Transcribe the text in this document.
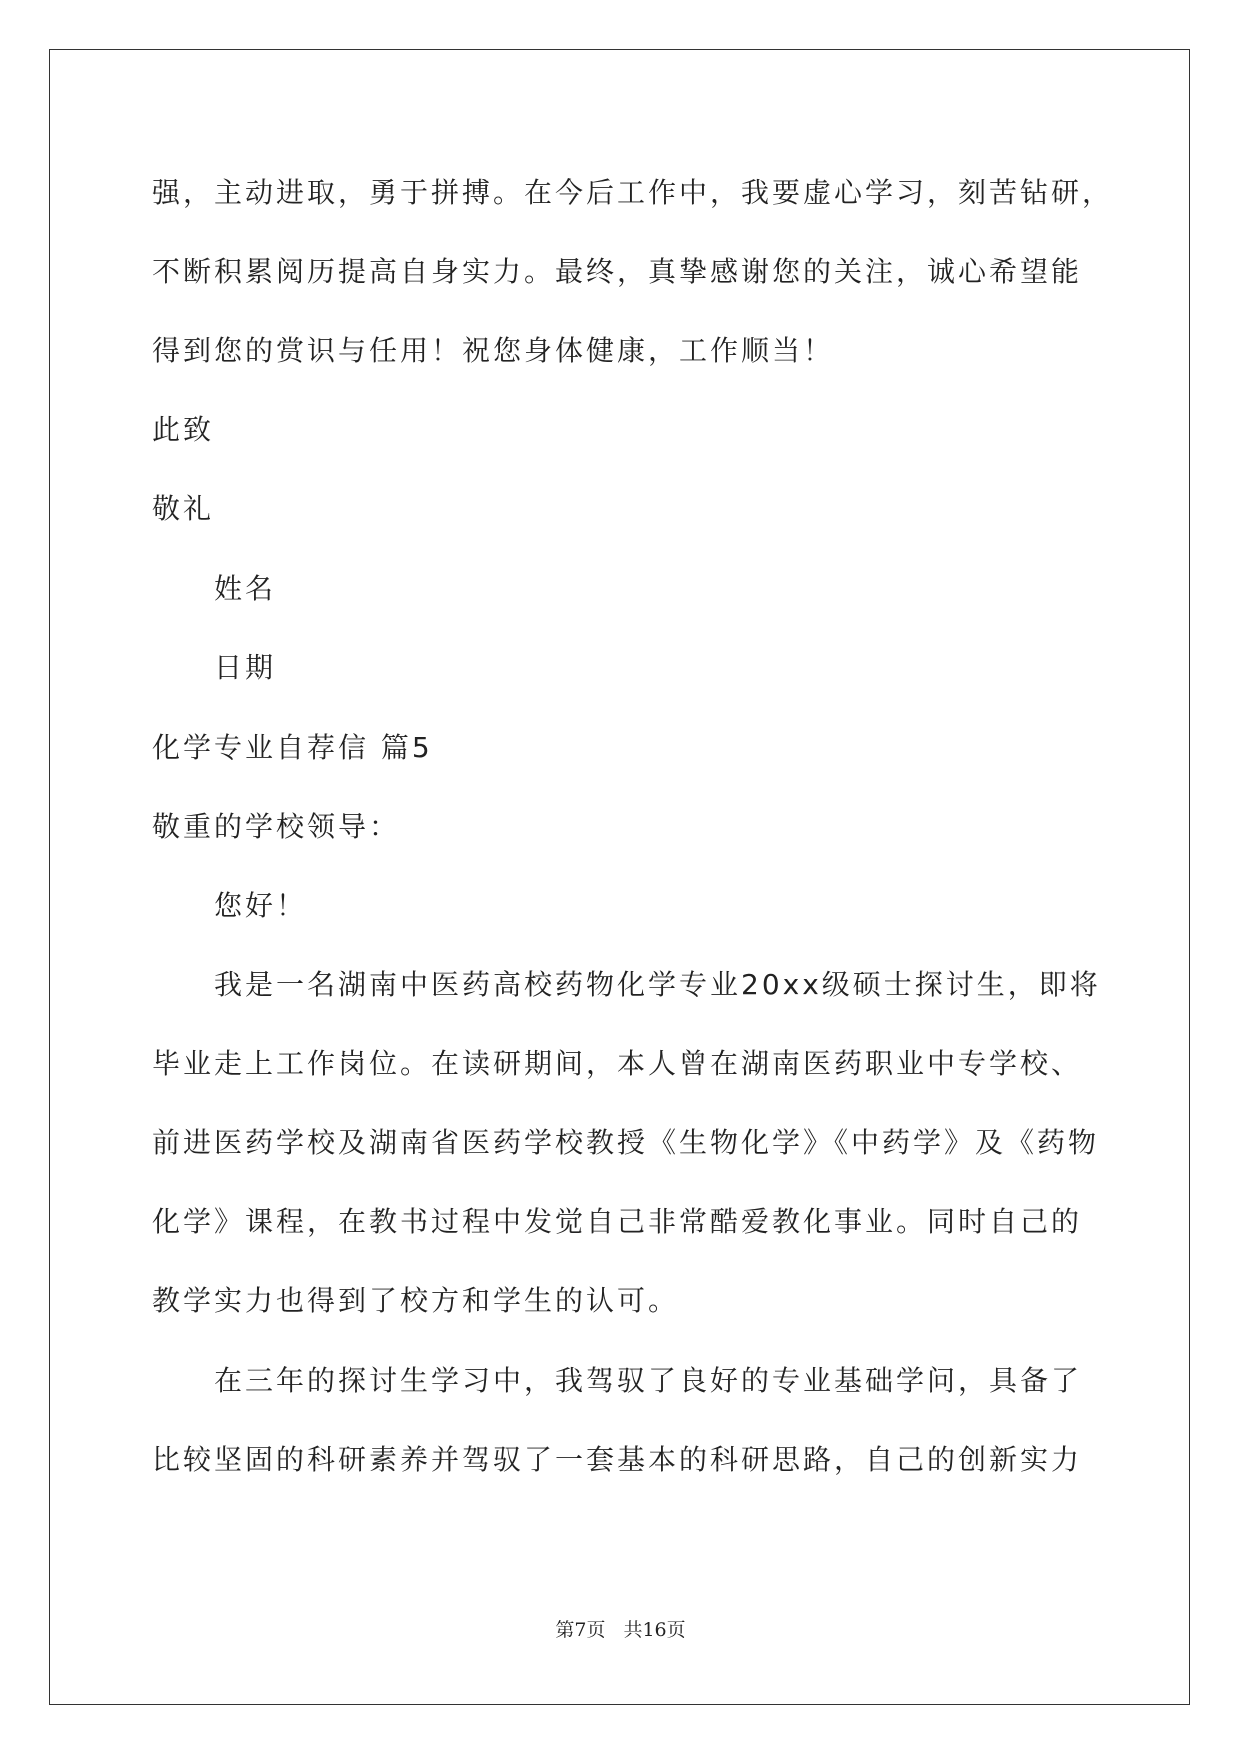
强，主动进取，勇于拼搏。在今后工作中，我要虚心学习，刻苦钻研，
不断积累阅历提高自身实力。最终，真挚感谢您的关注，诚心希望能
得到您的赏识与任用！祝您身体健康，工作顺当！
此致
敬礼
姓名
日期
化学专业自荐信 篇5
敬重的学校领导：
您好！
我是一名湖南中医药高校药物化学专业20xx级硕士探讨生，即将
毕业走上工作岗位。在读研期间，本人曾在湖南医药职业中专学校、
前进医药学校及湖南省医药学校教授《生物化学》《中药学》及《药物
化学》课程，在教书过程中发觉自己非常酷爱教化事业。同时自己的
教学实力也得到了校方和学生的认可。
在三年的探讨生学习中，我驾驭了良好的专业基础学问，具备了
比较坚固的科研素养并驾驭了一套基本的科研思路，自己的创新实力
第7页 共16页
